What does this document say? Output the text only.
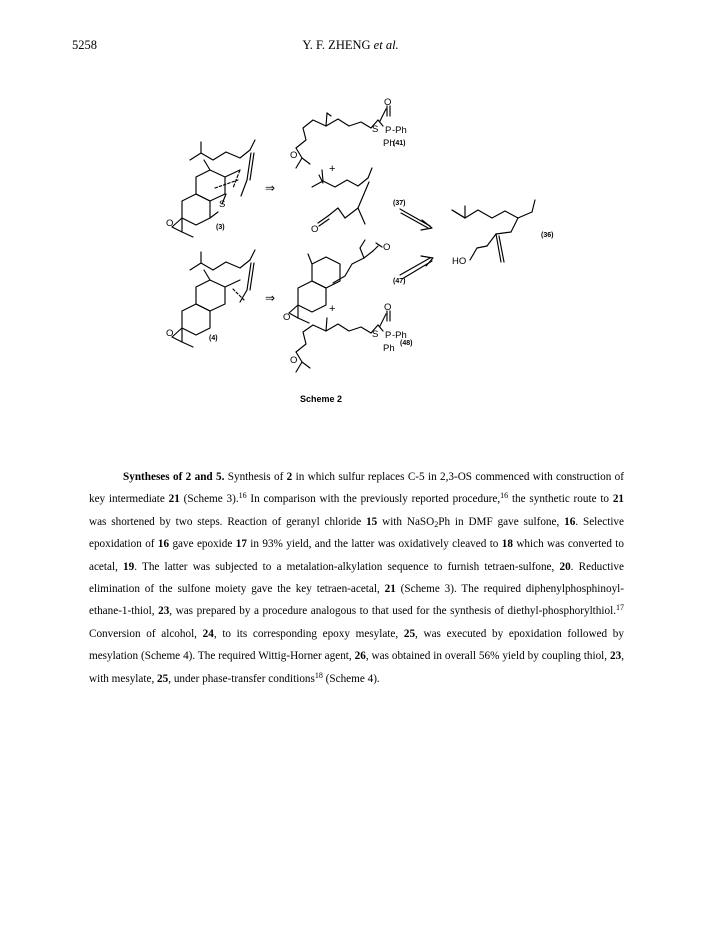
5258	Y. F. ZHENG et al.
(3)
(4)
(41)
(37)
(47)
(48)
(36)
S
O
O
S P -Ph
Ph
O
O
O
O
O
S P -Ph
Ph
O
O
HO
+
+
⇒
⇒
Scheme 2

Syntheses of 2 and 5. Synthesis of 2 in which sulfur replaces C-5 in 2,3-OS commenced with construction of key intermediate 21 (Scheme 3).$^{16}$ In comparison with the previously reported procedure,$^{16}$ the synthetic route to 21 was shortened by two steps. Reaction of geranyl chloride 15 with NaSO$_2$Ph in DMF gave sulfone, 16. Selective epoxidation of 16 gave epoxide 17 in 93% yield, and the latter was oxidatively cleaved to 18 which was converted to acetal, 19. The latter was subjected to a metalation-alkylation sequence to furnish tetraen-sulfone, 20. Reductive elimination of the sulfone moiety gave the key tetraen-acetal, 21 (Scheme 3). The required diphenylphosphinoyl-ethane-1-thiol, 23, was prepared by a procedure analogous to that used for the synthesis of diethyl-phosphorylthiol.$^{17}$ Conversion of alcohol, 24, to its corresponding epoxy mesylate, 25, was executed by epoxidation followed by mesylation (Scheme 4). The required Wittig-Horner agent, 26, was obtained in overall 56% yield by coupling thiol, 23, with mesylate, 25, under phase-transfer conditions$^{18}$ (Scheme 4).
